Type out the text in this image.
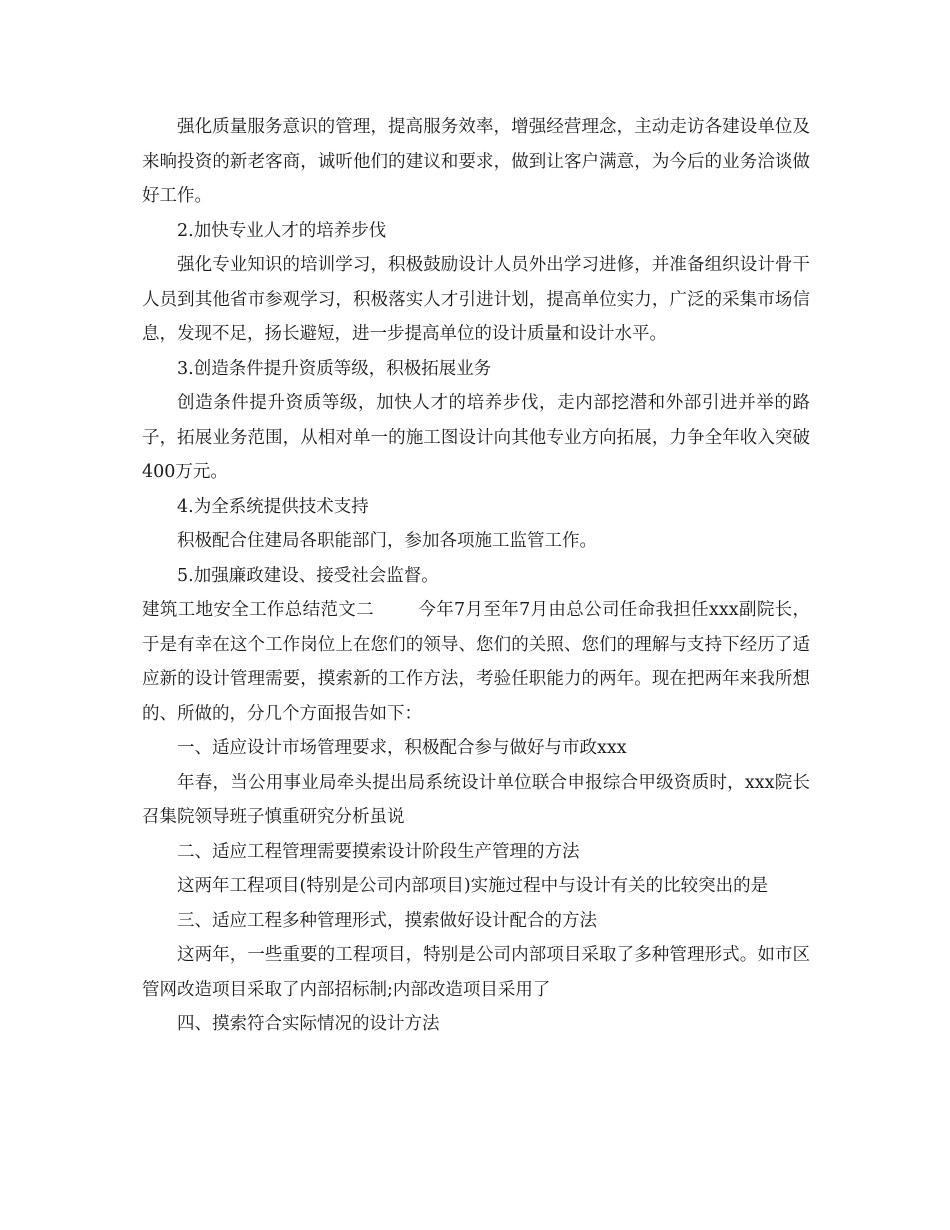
强化质量服务意识的管理，提高服务效率，增强经营理念，主动走访各建设单位及来晌投资的新老客商，诚听他们的建议和要求，做到让客户满意，为今后的业务洽谈做好工作。

2.加快专业人才的培养步伐

强化专业知识的培训学习，积极鼓励设计人员外出学习进修，并准备组织设计骨干人员到其他省市参观学习，积极落实人才引进计划，提高单位实力，广泛的采集市场信息，发现不足，扬长避短，进一步提高单位的设计质量和设计水平。

3.创造条件提升资质等级，积极拓展业务

创造条件提升资质等级，加快人才的培养步伐，走内部挖潜和外部引进并举的路子，拓展业务范围，从相对单一的施工图设计向其他专业方向拓展，力争全年收入突破400万元。

4.为全系统提供技术支持

积极配合住建局各职能部门，参加各项施工监管工作。

5.加强廉政建设、接受社会监督。

建筑工地安全工作总结范文二	今年7月至年7月由总公司任命我担任xxx副院长，于是有幸在这个工作岗位上在您们的领导、您们的关照、您们的理解与支持下经历了适应新的设计管理需要，摸索新的工作方法，考验任职能力的两年。现在把两年来我所想的、所做的，分几个方面报告如下：

一、适应设计市场管理要求，积极配合参与做好与市政xxx

年春，当公用事业局牵头提出局系统设计单位联合申报综合甲级资质时，xxx院长召集院领导班子慎重研究分析虽说

二、适应工程管理需要摸索设计阶段生产管理的方法

这两年工程项目(特别是公司内部项目)实施过程中与设计有关的比较突出的是

三、适应工程多种管理形式，摸索做好设计配合的方法

这两年，一些重要的工程项目，特别是公司内部项目采取了多种管理形式。如市区管网改造项目采取了内部招标制;内部改造项目采用了

四、摸索符合实际情况的设计方法
